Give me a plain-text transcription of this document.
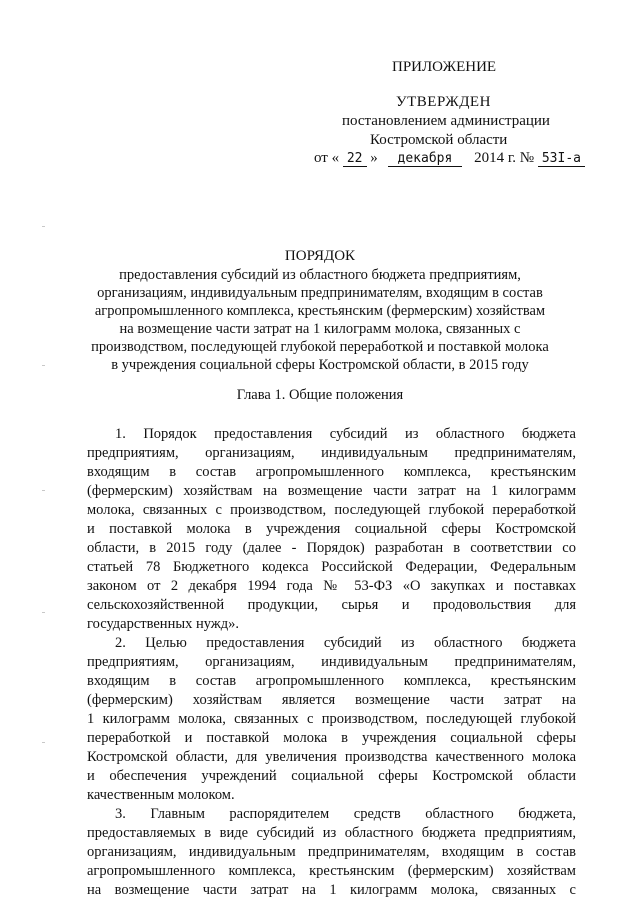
ПРИЛОЖЕНИЕ
УТВЕРЖДЕН
постановлением администрации
Костромской области
от « 22 » декабря 2014 г. № 53I-а
ПОРЯДОК
предоставления субсидий из областного бюджета предприятиям,
организациям, индивидуальным предпринимателям, входящим в состав
агропромышленного комплекса, крестьянским (фермерским) хозяйствам
на возмещение части затрат на 1 килограмм молока, связанных с
производством, последующей глубокой переработкой и поставкой молока
в учреждения социальной сферы Костромской области, в 2015 году
Глава 1. Общие положения
1. Порядок предоставления субсидий из областного бюджета
предприятиям, организациям, индивидуальным предпринимателям,
входящим в состав агропромышленного комплекса, крестьянским
(фермерским) хозяйствам на возмещение части затрат на 1 килограмм
молока, связанных с производством, последующей глубокой переработкой
и поставкой молока в учреждения социальной сферы Костромской
области, в 2015 году (далее - Порядок) разработан в соответствии со
статьей 78 Бюджетного кодекса Российской Федерации, Федеральным
законом от 2 декабря 1994 года № 53-ФЗ «О закупках и поставках
сельскохозяйственной продукции, сырья и продовольствия для
государственных нужд».
2. Целью предоставления субсидий из областного бюджета
предприятиям, организациям, индивидуальным предпринимателям,
входящим в состав агропромышленного комплекса, крестьянским
(фермерским) хозяйствам является возмещение части затрат на
1 килограмм молока, связанных с производством, последующей глубокой
переработкой и поставкой молока в учреждения социальной сферы
Костромской области, для увеличения производства качественного молока
и обеспечения учреждений социальной сферы Костромской области
качественным молоком.
3. Главным распорядителем средств областного бюджета,
предоставляемых в виде субсидий из областного бюджета предприятиям,
организациям, индивидуальным предпринимателям, входящим в состав
агропромышленного комплекса, крестьянским (фермерским) хозяйствам
на возмещение части затрат на 1 килограмм молока, связанных с
